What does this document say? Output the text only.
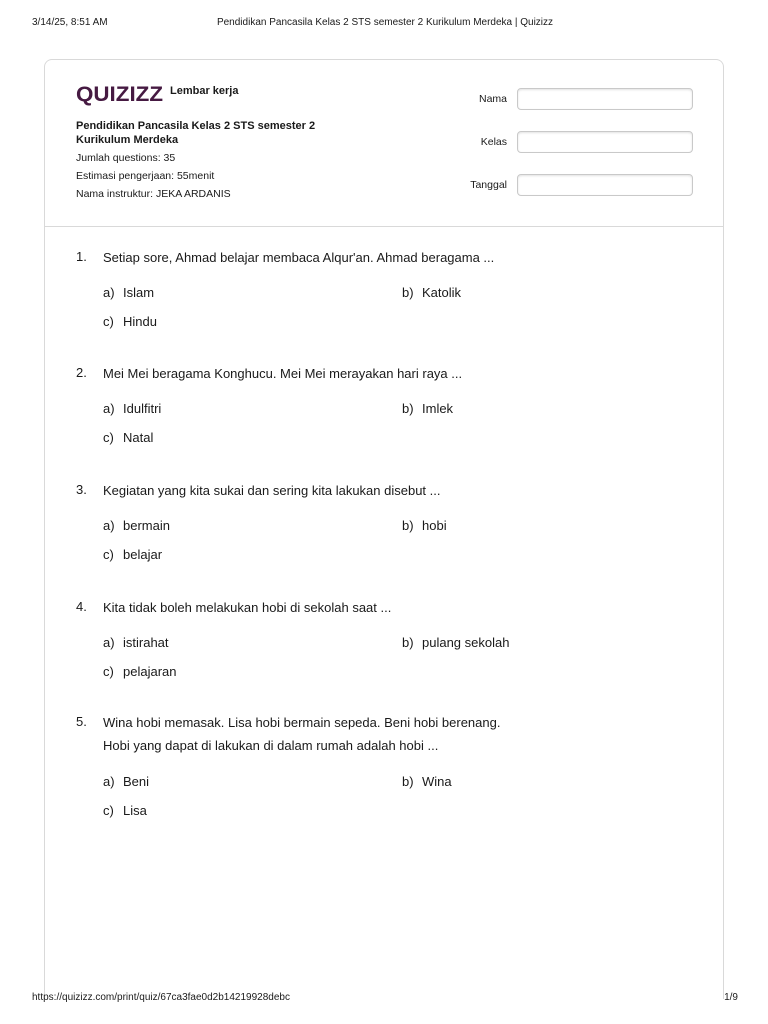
3/14/25, 8:51 AM	Pendidikan Pancasila Kelas 2 STS semester 2 Kurikulum Merdeka | Quizizz
QUIZIZZ Lembar kerja
Pendidikan Pancasila Kelas 2 STS semester 2 Kurikulum Merdeka
Jumlah questions: 35
Estimasi pengerjaan: 55menit
Nama instruktur: JEKA ARDANIS
Nama
Kelas
Tanggal
1. Setiap sore, Ahmad belajar membaca Alqur'an. Ahmad beragama ...
a) Islam	b) Katolik
c) Hindu
2. Mei Mei beragama Konghucu. Mei Mei merayakan hari raya ...
a) Idulfitri	b) Imlek
c) Natal
3. Kegiatan yang kita sukai dan sering kita lakukan disebut ...
a) bermain	b) hobi
c) belajar
4. Kita tidak boleh melakukan hobi di sekolah saat ...
a) istirahat	b) pulang sekolah
c) pelajaran
5. Wina hobi memasak. Lisa hobi bermain sepeda. Beni hobi berenang.
Hobi yang dapat di lakukan di dalam rumah adalah hobi ...
a) Beni	b) Wina
c) Lisa
https://quizizz.com/print/quiz/67ca3fae0d2b14219928debc	1/9
